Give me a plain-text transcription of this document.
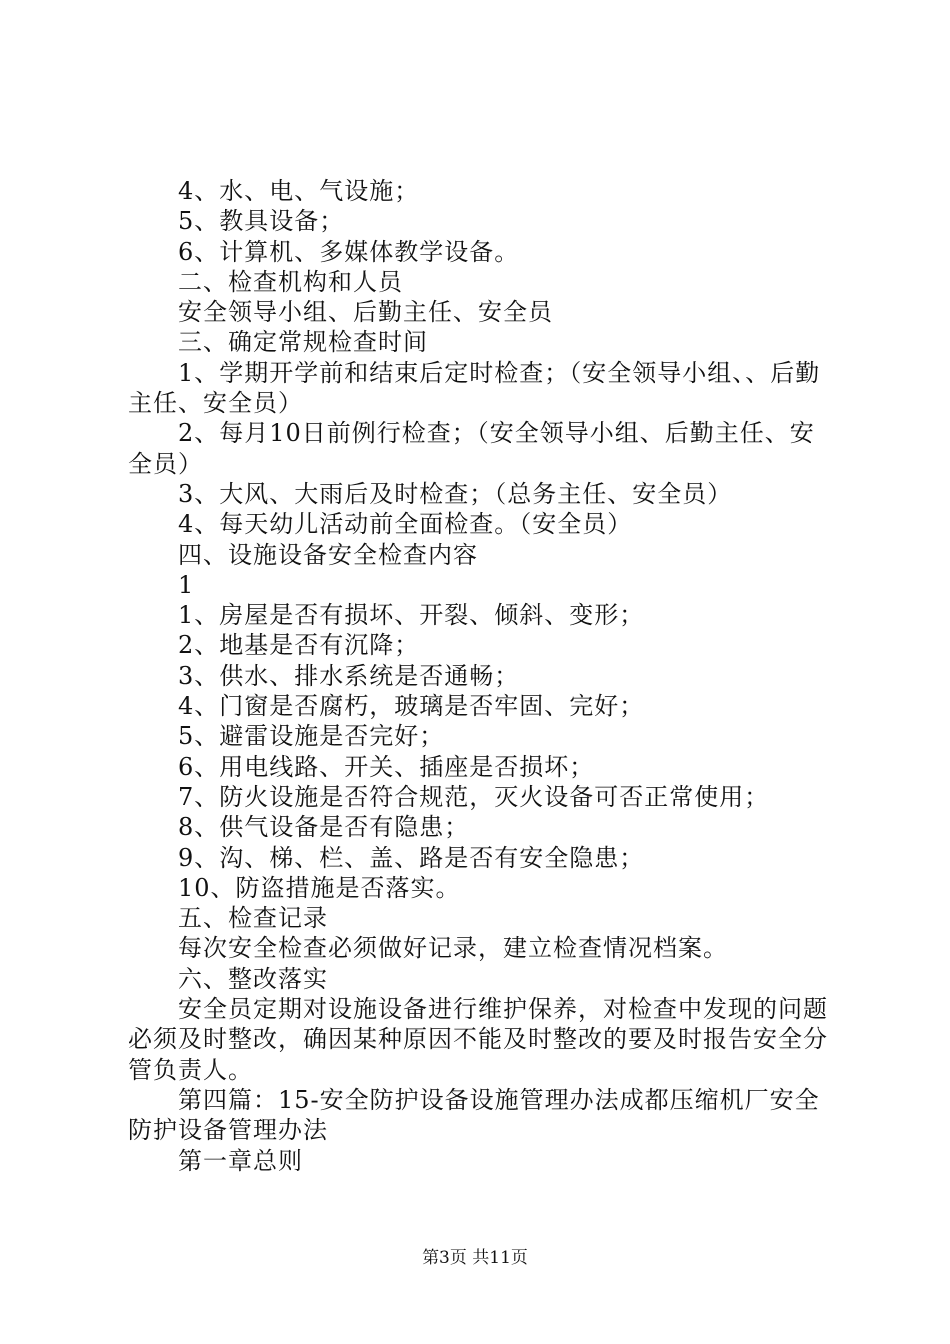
4、水、电、气设施；

5、教具设备；

6、计算机、多媒体教学设备。

二、检查机构和人员

安全领导小组、后勤主任、安全员

三、确定常规检查时间

1、学期开学前和结束后定时检查；（安全领导小组、、后勤主任、安全员）

2、每月10日前例行检查；（安全领导小组、后勤主任、安全员）

3、大风、大雨后及时检查；（总务主任、安全员）

4、每天幼儿活动前全面检查。（安全员）

四、设施设备安全检查内容

1

1、房屋是否有损坏、开裂、倾斜、变形；

2、地基是否有沉降；

3、供水、排水系统是否通畅；

4、门窗是否腐朽，玻璃是否牢固、完好；

5、避雷设施是否完好；

6、用电线路、开关、插座是否损坏；

7、防火设施是否符合规范，灭火设备可否正常使用；

8、供气设备是否有隐患；

9、沟、梯、栏、盖、路是否有安全隐患；

10、防盗措施是否落实。

五、检查记录

每次安全检查必须做好记录，建立检查情况档案。

六、整改落实

安全员定期对设施设备进行维护保养，对检查中发现的问题必须及时整改，确因某种原因不能及时整改的要及时报告安全分管负责人。

第四篇：15-安全防护设备设施管理办法成都压缩机厂安全防护设备管理办法

第一章总则

第3页 共11页
